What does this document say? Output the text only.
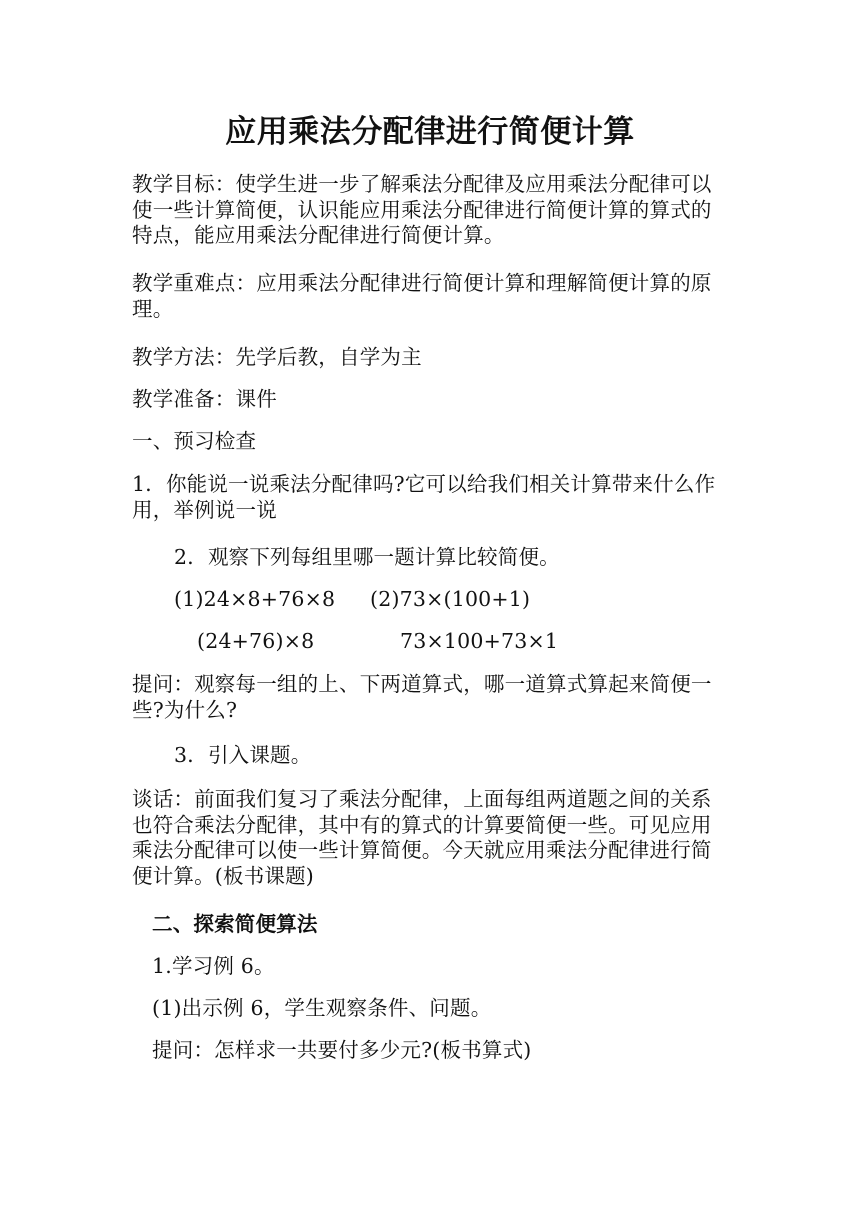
应用乘法分配律进行简便计算
教学目标：使学生进一步了解乘法分配律及应用乘法分配律可以使一些计算简便，认识能应用乘法分配律进行简便计算的算式的特点，能应用乘法分配律进行简便计算。
教学重难点：应用乘法分配律进行简便计算和理解简便计算的原理。
教学方法：先学后教，自学为主
教学准备：课件
一、预习检查
1．你能说一说乘法分配律吗?它可以给我们相关计算带来什么作用，举例说一说
2．观察下列每组里哪一题计算比较简便。
(1)24×8+76×8 (2)73×(100+1)
(24+76)×8	73×100+73×1
提问：观察每一组的上、下两道算式，哪一道算式算起来简便一些?为什么?
3．引入课题。
谈话：前面我们复习了乘法分配律，上面每组两道题之间的关系也符合乘法分配律，其中有的算式的计算要简便一些。可见应用乘法分配律可以使一些计算简便。今天就应用乘法分配律进行简便计算。(板书课题)
二、探索简便算法
1.学习例 6。
(1)出示例 6，学生观察条件、问题。
提问：怎样求一共要付多少元?(板书算式)
